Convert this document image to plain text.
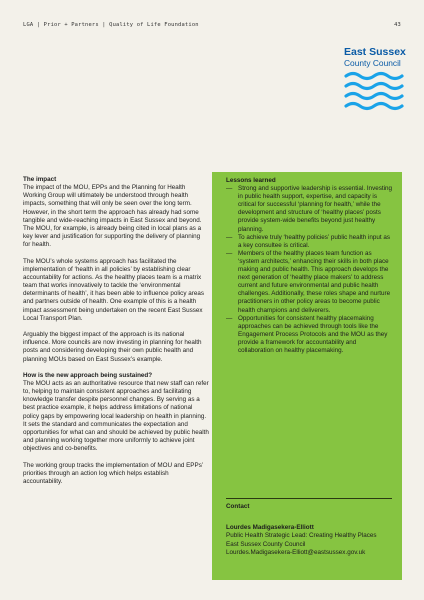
LGA | Prior + Partners | Quality of Life Foundation	43
East Sussex
County Council

The impact

The impact of the MOU, EPPs and the Planning for Health Working Group will ultimately be understood through health impacts, something that will only be seen over the long term. However, in the short term the approach has already had some tangible and wide-reaching impacts in East Sussex and beyond. The MOU, for example, is already being cited in local plans as a key lever and justification for supporting the delivery of planning for health.

The MOU’s whole systems approach has facilitated the implementation of ‘health in all policies’ by establishing clear accountability for actions. As the healthy places team is a matrix team that works innovatively to tackle the ‘environmental determinants of health’, it has been able to influence policy areas and partners outside of health. One example of this is a health impact assessment being undertaken on the recent East Sussex Local Transport Plan.

Arguably the biggest impact of the approach is its national influence. More councils are now investing in planning for health posts and considering developing their own public health and planning MOUs based on East Sussex’s example.

How is the new approach being sustained?

The MOU acts as an authoritative resource that new staff can refer to, helping to maintain consistent approaches and facilitating knowledge transfer despite personnel changes. By serving as a best practice example, it helps address limitations of national policy gaps by empowering local leadership on health in planning. It sets the standard and communicates the expectation and opportunities for what can and should be achieved by public health and planning working together more uniformly to achieve joint objectives and co-benefits.

The working group tracks the implementation of MOU and EPPs’ priorities through an action log which helps establish accountability.

Lessons learned
— Strong and supportive leadership is essential. Investing in public health support, expertise, and capacity is critical for successful ‘planning for health,’ while the development and structure of ‘healthy places’ posts provide system-wide benefits beyond just healthy planning.
— To achieve truly ‘healthy policies’ public health input as a key consultee is critical.
— Members of the healthy places team function as ‘system architects,’ enhancing their skills in both place making and public health. This approach develops the next generation of ‘healthy place makers’ to address current and future environmental and public health challenges. Additionally, these roles shape and nurture practitioners in other policy areas to become public health champions and deliverers.
— Opportunities for consistent healthy placemaking approaches can be achieved through tools like the Engagement Process Protocols and the MOU as they provide a framework for accountability and collaboration on healthy placemaking.
Contact
Lourdes Madigasekera-Elliott
Public Health Strategic Lead: Creating Healthy Places
East Sussex County Council
Lourdes.Madigasekera-Elliott@eastsussex.gov.uk
